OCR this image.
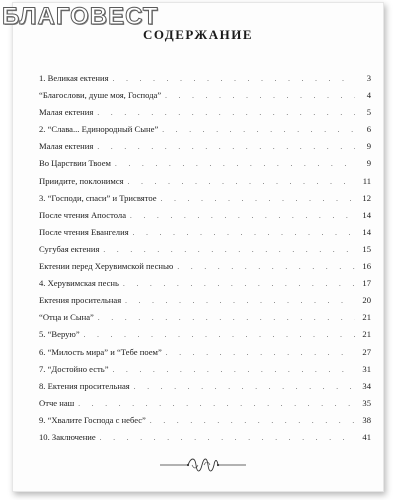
СОДЕРЖАНИЕ
1. Великая ектения . . .	3
“Благослови, душе моя, Господа” . . .	4
Малая ектения . . .	5
2. “Слава... Единородный Сыне” . . .	6
Малая ектения . . .	9
Во Царствии Твоем . . .	9
Приидите, поклонимся . . .	11
3. “Господи, спаси” и Трисвятое . . .	12
После чтения Апостола . . .	14
После чтения Евангелия . . .	14
Сугубая ектения . . .	15
Ектении перед Херувимской песнью . . .	16
4. Херувимская песнь . . .	17
Ектения просительная . . .	20
“Отца и Сына” . . .	21
5. “Верую” . . .	21
6. “Милость мира” и “Тебе поем” . . .	27
7. “Достойно есть” . . .	31
8. Ектения просительная . . .	34
Отче наш . . .	35
9. “Хвалите Господа с небес” . . .	38
10. Заключение . . .	41
БЛАГОВЕСТ
